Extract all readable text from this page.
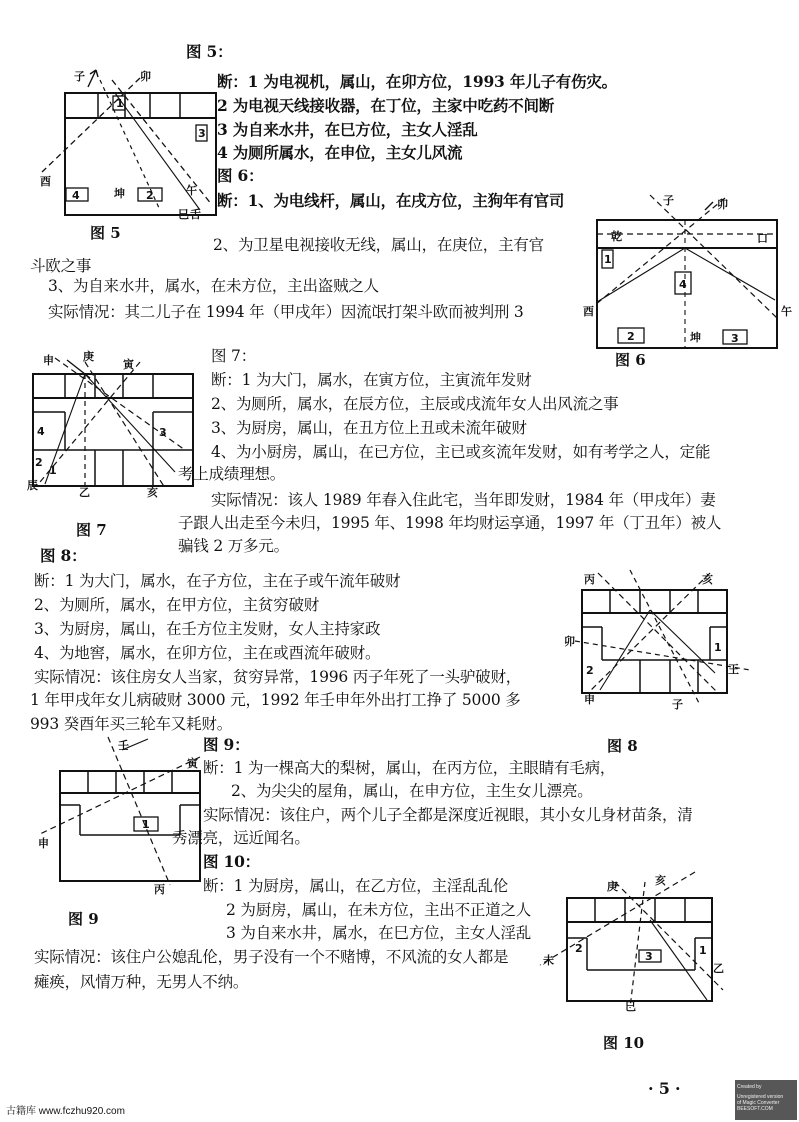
图 5：
断：1 为电视机，属山，在卯方位，1993 年儿子有伤灾。
2 为电视天线接收器，在丁位，主家中吃药不间断
3 为自来水井，在巳方位，主女人淫乱
4 为厕所属水，在申位，主女儿风流
图 6：
断：1、为电线杆，属山，在戌方位，主狗年有官司
2、为卫星电视接收无线，属山，在庚位，主有官
斗欧之事
3、为自来水井，属水，在未方位，主出盗贼之人
实际情况：其二儿子在 1994 年（甲戌年）因流氓打架斗欧而被判刑 3
图 7：
断：1 为大门，属水，在寅方位，主寅流年发财
2、为厕所，属水，在辰方位，主辰或戌流年女人出风流之事
3、为厨房，属山，在丑方位上丑或未流年破财
4、为小厨房，属山，在已方位，主已或亥流年发财，如有考学之人，定能
考上成绩理想。
实际情况：该人 1989 年春入住此宅，当年即发财，1984 年（甲戌年）妻
子跟人出走至今未归，1995 年、1998 年均财运享通，1997 年（丁丑年）被人
骗钱 2 万多元。
图 8：
断：1 为大门，属水，在子方位，主在子或午流年破财
2、为厕所，属水，在甲方位，主贫穷破财
3、为厨房，属山，在壬方位主发财，女人主持家政
4、为地窖，属水，在卯方位，主在或酉流年破财。
实际情况：该住房女人当家，贫穷异常，1996 丙子年死了一头驴破财，
1 年甲戌年女儿病破财 3000 元，1992 年壬申年外出打工挣了 5000 多
993 癸酉年买三轮车又耗财。
图 9：
断：1 为一棵高大的梨树，属山，在丙方位，主眼睛有毛病，
2、为尖尖的屋角，属山，在申方位，主生女儿漂亮。
实际情况：该住户，两个儿子全都是深度近视眼，其小女儿身材苗条，清
秀漂亮，远近闻名。
图 10：
断：1 为厨房，属山，在乙方位，主淫乱乱伦
2 为厨房，属山，在未方位，主出不正道之人
3 为自来水井，属水，在巳方位，主女人淫乱
实际情况：该住户公媳乱伦，男子没有一个不赌博，不风流的女人都是
瘫痪，风情万种，无男人不纳。
图 5
图 6
图 7
图 8
图 9
图 10
子	卯
1
3
酉
4	坤 2	午
巳 舌
子	卯
乾	口
1
4
酉
坤
2	3
午
申	庚
寅
4	3
2
1
辰
乙	亥
丙	亥
卯	1
2	王
申	子
壬
寅
申
1
丙	庚	亥
未
2
3	1
乙
巳
· 5 ·
古籍库 www.fczhu920.com
Created by
Unregistered version
of Magic Converter
BEESOFT.COM
